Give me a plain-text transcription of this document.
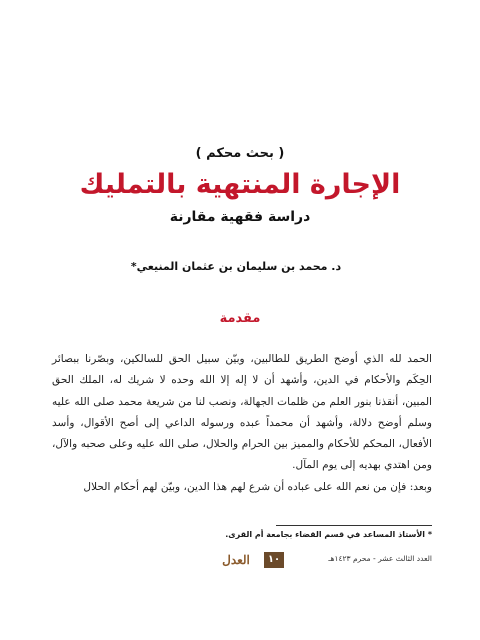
( بحث محكم )
الإجارة المنتهية بالتمليك
دراسة فقهية مقارنة
د. محمد بن سليمان بن عثمان المنيعي*
مقدمة

الحمد لله الذي أوضح الطريق للطالبين، وبيّن سبيل الحق للسالكين، وبصّرنا ببصائر الحِكَم والأحكام في الدين، وأشهد أن لا إله إلا الله وحده لا شريك له، الملك الحق المبين، أنقذنا بنور العلم من ظلمات الجهالة، ونصب لنا من شريعة محمد صلى الله عليه وسلم أوضح دلالة، وأشهد أن محمداً عبده ورسوله الداعي إلى أصح الأقوال، وأسد الأفعال، المحكم للأحكام والمميز بين الحرام والحلال، صلى الله عليه وعلى صحبه والآل، ومن اهتدي بهديه إلى يوم المآل.

وبعد: فإن من نعم الله على عباده أن شرع لهم هذا الدين، وبيّن لهم أحكام الحلال

* الأستاذ المساعد في قسم القضاء بجامعة أم القرى.
العدل	١٠	العدد الثالث عشر - محرم ١٤٢٣هـ
